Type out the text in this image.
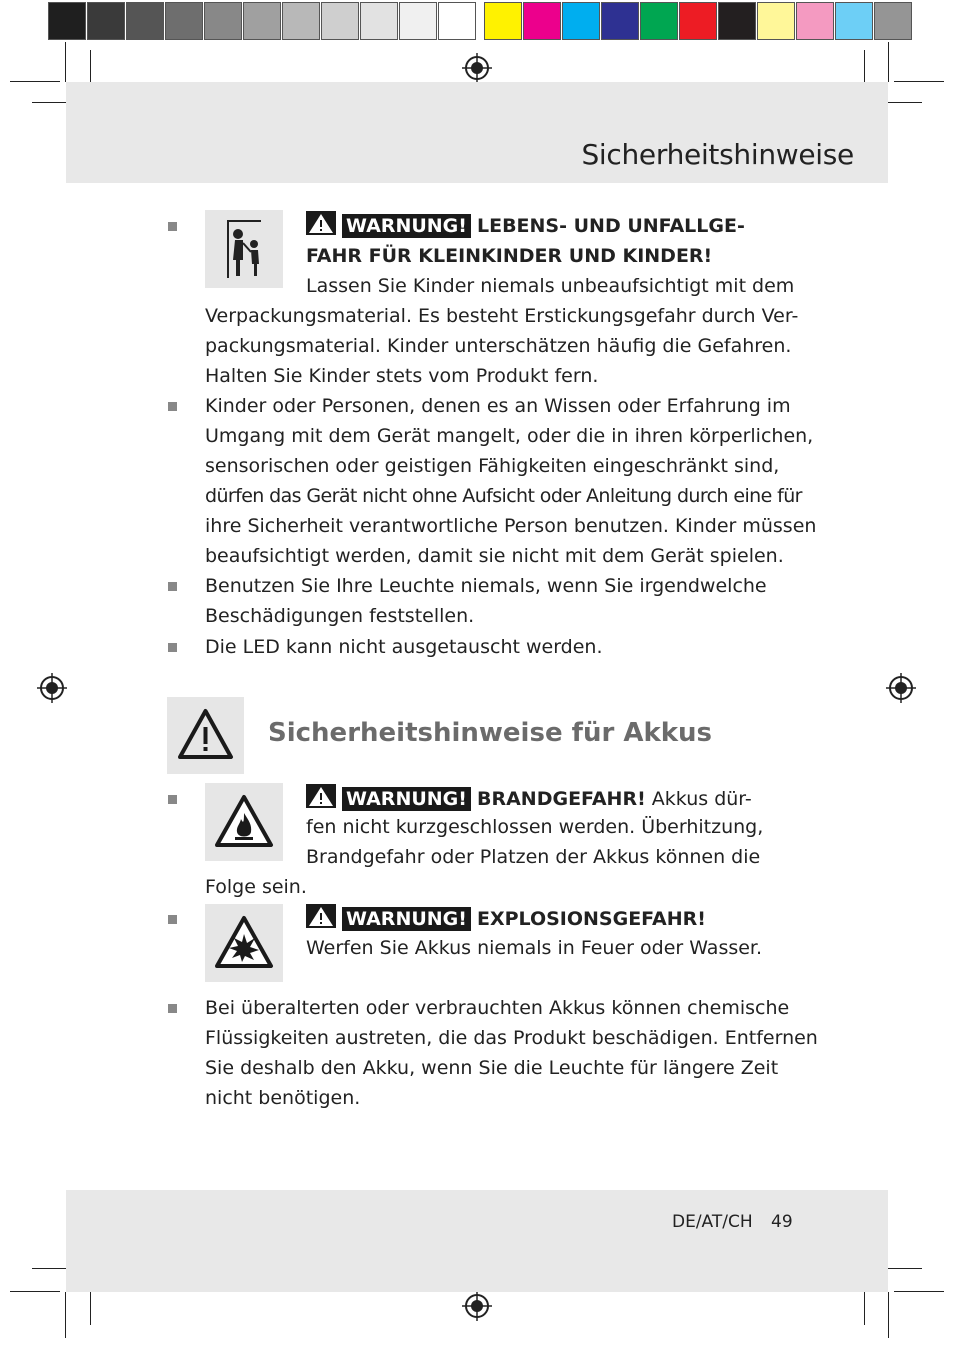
Sicherheitshinweise
WARNUNG! LEBENS- UND UNFALLGE-
FAHR FÜR KLEINKINDER UND KINDER!
Lassen Sie Kinder niemals unbeaufsichtigt mit dem
Verpackungsmaterial. Es besteht Erstickungsgefahr durch Ver-
packungsmaterial. Kinder unterschätzen häufig die Gefahren.
Halten Sie Kinder stets vom Produkt fern.
Kinder oder Personen, denen es an Wissen oder Erfahrung im
Umgang mit dem Gerät mangelt, oder die in ihren körperlichen,
sensorischen oder geistigen Fähigkeiten eingeschränkt sind,
dürfen das Gerät nicht ohne Aufsicht oder Anleitung durch eine für
ihre Sicherheit verantwortliche Person benutzen. Kinder müssen
beaufsichtigt werden, damit sie nicht mit dem Gerät spielen.
Benutzen Sie Ihre Leuchte niemals, wenn Sie irgendwelche
Beschädigungen feststellen.
Die LED kann nicht ausgetauscht werden.
Sicherheitshinweise für Akkus
WARNUNG! BRANDGEFAHR! Akkus dür-
fen nicht kurzgeschlossen werden. Überhitzung,
Brandgefahr oder Platzen der Akkus können die
Folge sein.
WARNUNG! EXPLOSIONSGEFAHR!
Werfen Sie Akkus niemals in Feuer oder Wasser.
Bei überalterten oder verbrauchten Akkus können chemische
Flüssigkeiten austreten, die das Produkt beschädigen. Entfernen
Sie deshalb den Akku, wenn Sie die Leuchte für längere Zeit
nicht benötigen.
DE/AT/CH 49
